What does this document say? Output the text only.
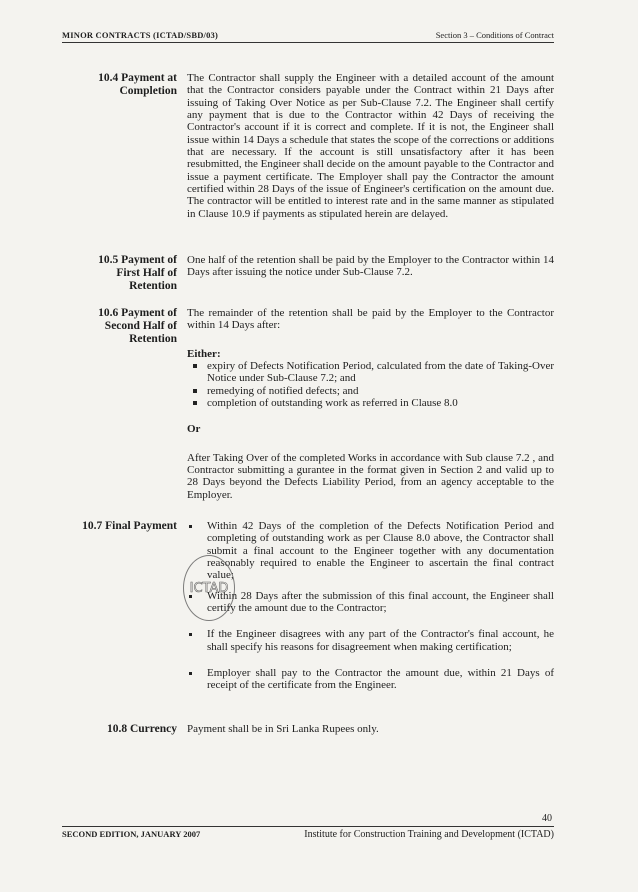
MINOR CONTRACTS (ICTAD/SBD/03)	Section 3 – Conditions of Contract
10.4 Payment at
Completion

The Contractor shall supply the Engineer with a detailed account of the amount that the Contractor considers payable under the Contract within 21 Days after issuing of Taking Over Notice as per Sub-Clause 7.2. The Engineer shall certify any payment that is due to the Contractor within 42 Days of receiving the Contractor's account if it is correct and complete. If it is not, the Engineer shall issue within 14 Days a schedule that states the scope of the corrections or additions that are necessary. If the account is still unsatisfactory after it has been resubmitted, the Engineer shall decide on the amount payable to the Contractor and issue a payment certificate. The Employer shall pay the Contractor the amount certified within 28 Days of the issue of Engineer's certification on the amount due. The contractor will be entitled to interest rate and in the same manner as stipulated in Clause 10.9 if payments as stipulated herein are delayed.

10.5 Payment of
First Half of
Retention

One half of the retention shall be paid by the Employer to the Contractor within 14 Days after issuing the notice under Sub-Clause 7.2.

10.6 Payment of
Second Half of
Retention

The remainder of the retention shall be paid by the Employer to the Contractor within 14 Days after:

Either:

expiry of Defects Notification Period, calculated from the date of Taking-Over Notice under Sub-Clause 7.2; and
remedying of notified defects; and
completion of outstanding work as referred in Clause 8.0

Or

After Taking Over of the completed Works in accordance with Sub clause 7.2 , and Contractor submitting a gurantee in the format given in Section 2 and valid up to 28 Days beyond the Defects Liability Period, from an agency acceptable to the Employer.

10.7 Final Payment	Within 42 Days of the completion of the Defects Notification Period and completing of outstanding work as per Clause 8.0 above, the Contractor shall submit a final account to the Engineer together with any documentation reasonably required to enable the Engineer to ascertain the final contract value;
Within 28 Days after the submission of this final account, the Engineer shall certify the amount due to the Contractor;
If the Engineer disagrees with any part of the Contractor's final account, he shall specify his reasons for disagreement when making certification;
Employer shall pay to the Contractor the amount due, within 21 Days of receipt of the certificate from the Engineer.
ICTAD
10.8 Currency Payment shall be in Sri Lanka Rupees only.

40
SECOND EDITION, JANUARY 2007	Institute for Construction Training and Development (ICTAD)
